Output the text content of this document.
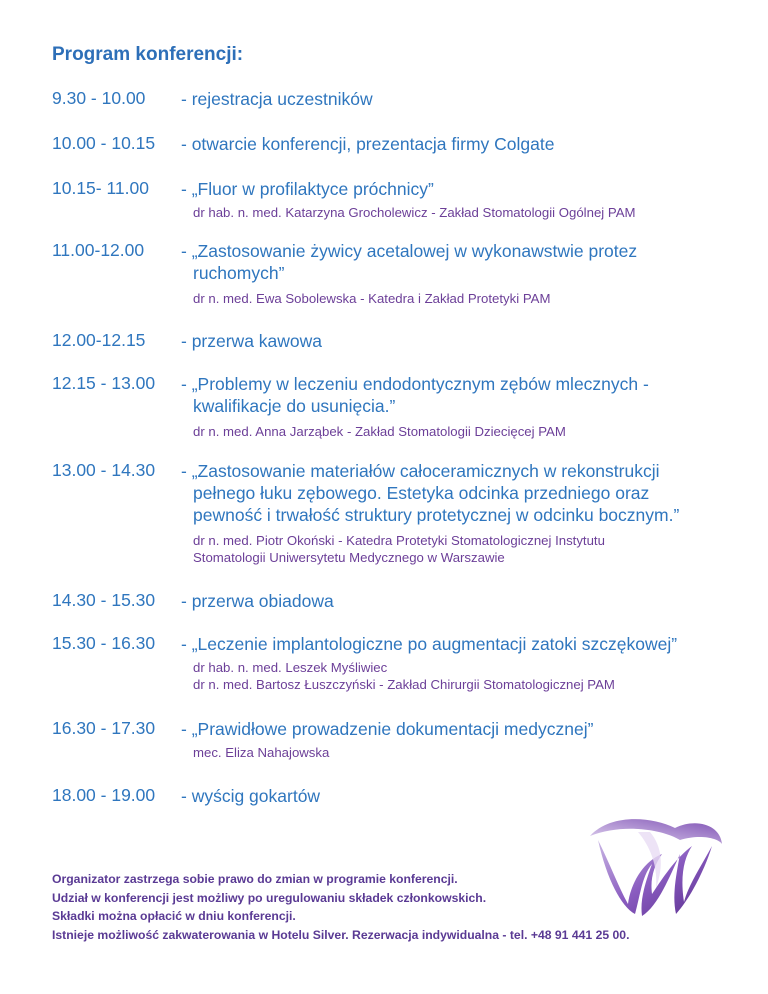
Program konferencji:
9.30 - 10.00 - rejestracja uczestników
10.00 - 10.15 - otwarcie konferencji, prezentacja firmy Colgate
10.15- 11.00 - „Fluor w profilaktyce próchnicy”
dr hab. n. med. Katarzyna Grocholewicz - Zakład Stomatologii Ogólnej PAM
11.00-12.00 - „Zastosowanie żywicy acetalowej w wykonawstwie protez
ruchomych”
dr n. med. Ewa Sobolewska - Katedra i Zakład Protetyki PAM
12.00-12.15 - przerwa kawowa
12.15 - 13.00 - „Problemy w leczeniu endodontycznym zębów mlecznych -
kwalifikacje do usunięcia.”
dr n. med. Anna Jarząbek - Zakład Stomatologii Dziecięcej PAM
13.00 - 14.30 - „Zastosowanie materiałów całoceramicznych w rekonstrukcji
pełnego łuku zębowego. Estetyka odcinka przedniego oraz
pewność i trwałość struktury protetycznej w odcinku bocznym.”
dr n. med. Piotr Okoński - Katedra Protetyki Stomatologicznej Instytutu
Stomatologii Uniwersytetu Medycznego w Warszawie
14.30 - 15.30 - przerwa obiadowa
15.30 - 16.30 - „Leczenie implantologiczne po augmentacji zatoki szczękowej”
dr hab. n. med. Leszek Myśliwiec
dr n. med. Bartosz Łuszczyński - Zakład Chirurgii Stomatologicznej PAM
16.30 - 17.30 - „Prawidłowe prowadzenie dokumentacji medycznej”
mec. Eliza Nahajowska
18.00 - 19.00 - wyścig gokartów
Organizator zastrzega sobie prawo do zmian w programie konferencji.
Udział w konferencji jest możliwy po uregulowaniu składek członkowskich.
Składki można opłacić w dniu konferencji.
Istnieje możliwość zakwaterowania w Hotelu Silver. Rezerwacja indywidualna - tel. +48 91 441 25 00.
